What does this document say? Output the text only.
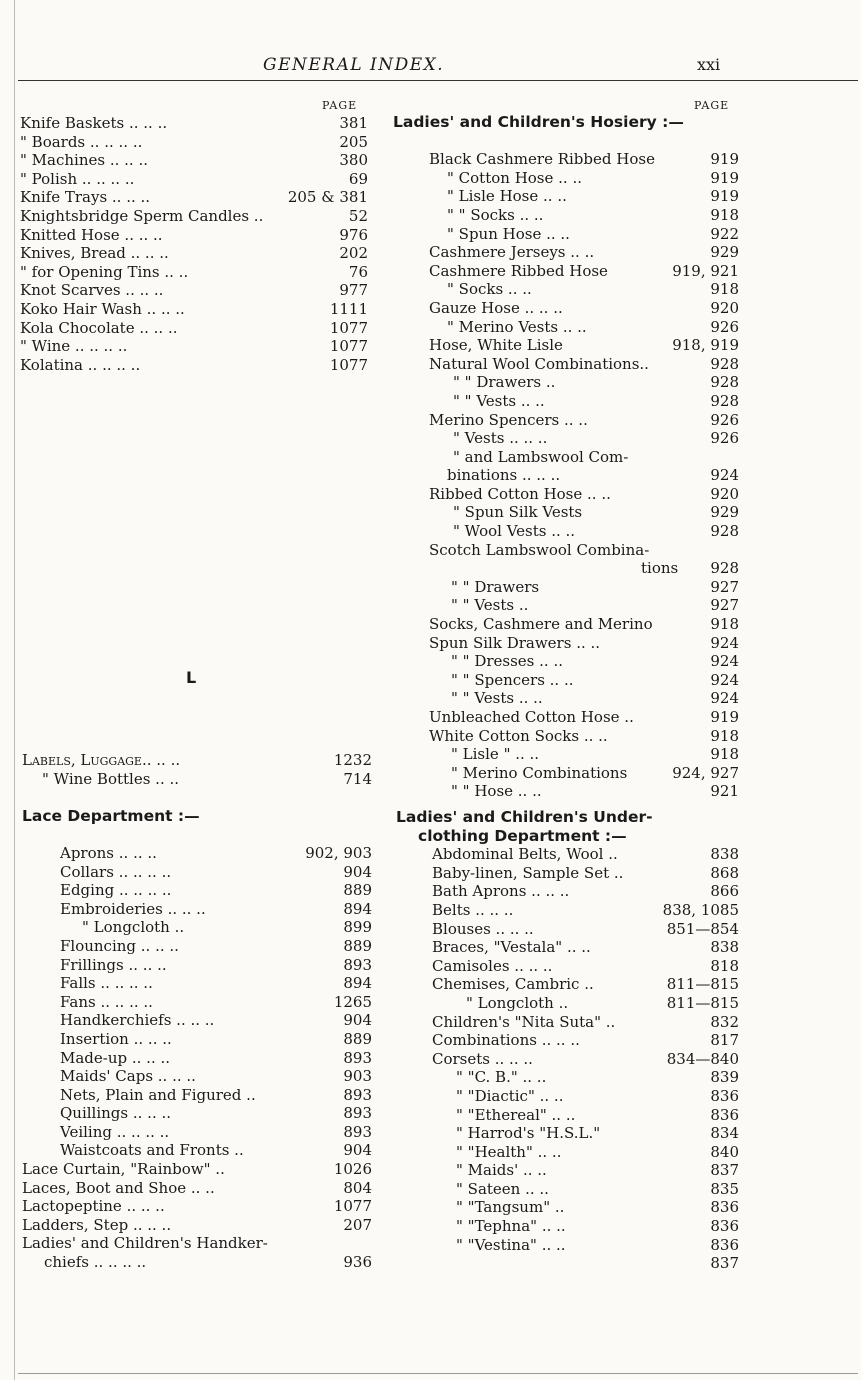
GENERAL INDEX.	xxi
PAGE	PAGE
Knife Baskets .. .. ..	381
" Boards .. .. .. ..	205
" Machines .. .. ..	380
" Polish .. .. .. ..	69
Knife Trays .. .. ..	205 & 381
Knightsbridge Sperm Candles ..	52
Knitted Hose .. .. ..	976
Knives, Bread .. .. ..	202
" for Opening Tins .. ..	76
Knot Scarves .. .. ..	977
Koko Hair Wash .. .. ..	1111
Kola Chocolate .. .. ..	1077
" Wine .. .. .. ..	1077
Kolatina .. .. .. ..	1077
L
Labels, Luggage.. .. ..	1232
" Wine Bottles .. ..	714
Lace Department :—
Aprons .. .. ..	902, 903
Collars .. .. .. ..	904
Edging .. .. .. ..	889
Embroideries .. .. ..	894
" Longcloth ..	899
Flouncing .. .. ..	889
Frillings .. .. ..	893
Falls .. .. .. ..	894
Fans .. .. .. ..	1265
Handkerchiefs .. .. ..	904
Insertion .. .. ..	889
Made-up .. .. ..	893
Maids' Caps .. .. ..	903
Nets, Plain and Figured ..	893
Quillings .. .. ..	893
Veiling .. .. .. ..	893
Waistcoats and Fronts ..	904
Lace Curtain, "Rainbow" ..	1026
Laces, Boot and Shoe .. ..	804
Lactopeptine .. .. ..	1077
Ladders, Step .. .. ..	207
Ladies' and Children's Handker-
chiefs .. .. .. ..	936
Ladies' and Children's Hosiery :—
Black Cashmere Ribbed Hose	919
" Cotton Hose .. ..	919
" Lisle Hose .. ..	919
" " Socks .. ..	918
" Spun Hose .. ..	922
Cashmere Jerseys .. ..	929
Cashmere Ribbed Hose	919, 921
" Socks .. ..	918
Gauze Hose .. .. ..	920
" Merino Vests .. ..	926
Hose, White Lisle	918, 919
Natural Wool Combinations..	928
" " Drawers ..	928
" " Vests .. ..	928
Merino Spencers .. ..	926
" Vests .. .. ..	926
" and Lambswool Com-
binations .. .. ..	924
Ribbed Cotton Hose .. ..	920
" Spun Silk Vests	929
" Wool Vests .. ..	928
Scotch Lambswool Combina-
tions 928
" " Drawers	927
" " Vests ..	927
Socks, Cashmere and Merino	918
Spun Silk Drawers .. ..	924
" " Dresses .. ..	924
" " Spencers .. ..	924
" " Vests .. ..	924
Unbleached Cotton Hose ..	919
White Cotton Socks .. ..	918
" Lisle " .. ..	918
" Merino Combinations	924, 927
" " Hose .. ..	921
Ladies' and Children's Under-
clothing Department :—
Abdominal Belts, Wool ..	838
Baby-linen, Sample Set ..	868
Bath Aprons .. .. ..	866
Belts .. .. ..	838, 1085
Blouses .. .. ..	851—854
Braces, "Vestala" .. ..	838
Camisoles .. .. ..	818
Chemises, Cambric ..	811—815
" Longcloth ..	811—815
Children's "Nita Suta" ..	832
Combinations .. .. ..	817
Corsets .. .. ..	834—840
" "C. B." .. ..	839
" "Diactic" .. ..	836
" "Ethereal" .. ..	836
" Harrod's "H.S.L."	834
" "Health" .. ..	840
" Maids' .. ..	837
" Sateen .. ..	835
" "Tangsum" ..	836
" "Tephna" .. ..	836
" "Vestina" .. ..	836
837
